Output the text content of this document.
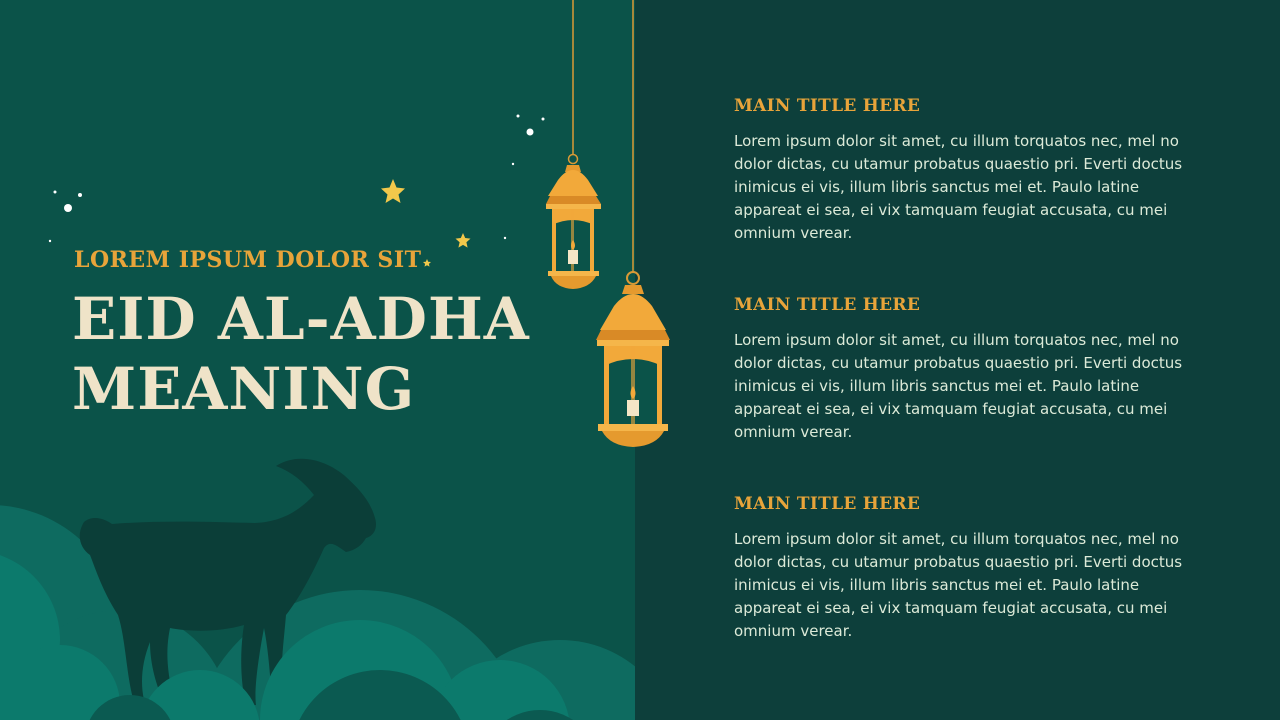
LOREM IPSUM DOLOR SIT
EID AL-ADHA
MEANING
MAIN TITLE HERE

Lorem ipsum dolor sit amet, cu illum torquatos nec, mel no dolor dictas, cu utamur probatus quaestio pri. Everti doctus inimicus ei vis, illum libris sanctus mei et. Paulo latine appareat ei sea, ei vix tamquam feugiat accusata, cu mei omnium verear.

MAIN TITLE HERE

Lorem ipsum dolor sit amet, cu illum torquatos nec, mel no dolor dictas, cu utamur probatus quaestio pri. Everti doctus inimicus ei vis, illum libris sanctus mei et. Paulo latine appareat ei sea, ei vix tamquam feugiat accusata, cu mei omnium verear.

MAIN TITLE HERE

Lorem ipsum dolor sit amet, cu illum torquatos nec, mel no dolor dictas, cu utamur probatus quaestio pri. Everti doctus inimicus ei vis, illum libris sanctus mei et. Paulo latine appareat ei sea, ei vix tamquam feugiat accusata, cu mei omnium verear.
